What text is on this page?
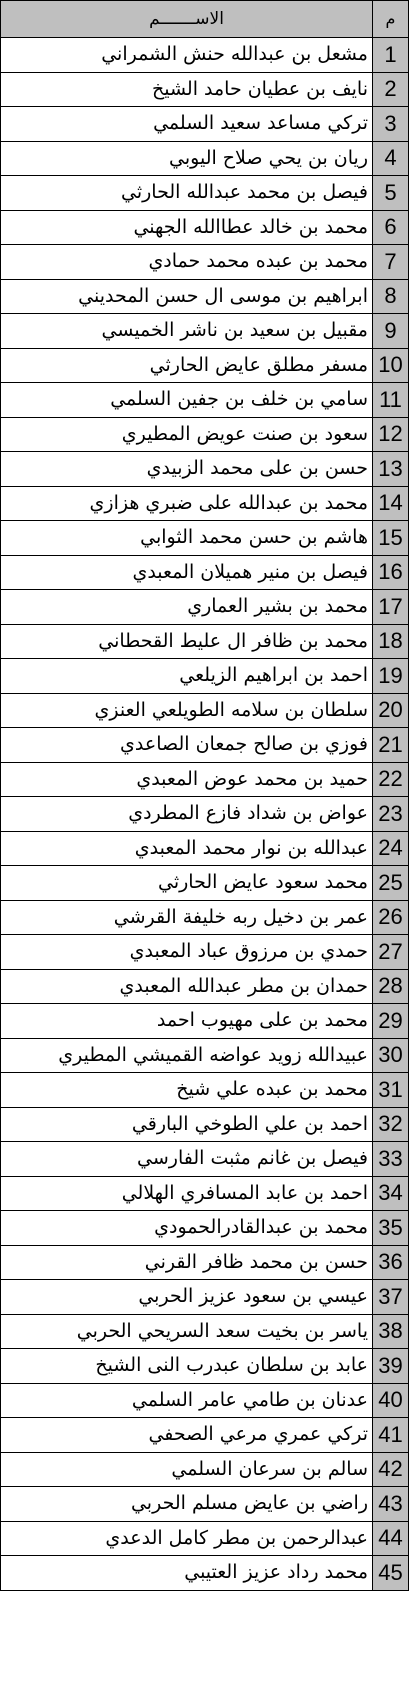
م	الاســـــــم
1	مشعل بن عبدالله حنش الشمراني
2	نايف بن عطيان حامد الشيخ
3	تركي مساعد سعيد السلمي
4	ريان بن يحي صلاح اليوبي
5	فيصل بن محمد عبدالله الحارثي
6	محمد بن خالد عطاالله الجهني
7	محمد بن عبده محمد حمادي
8	ابراهيم بن موسى ال حسن المحديني
9	مقبيل بن سعيد بن ناشر الخميسي
10	مسفر مطلق عايض الحارثي
11	سامي بن خلف بن جفين السلمي
12	سعود بن صنت عويض المطيري
13	حسن بن على محمد الزبيدي
14	محمد بن عبدالله على ضبري هزازي
15	هاشم بن حسن محمد الثوابي
16	فيصل بن منير هميلان المعبدي
17	محمد بن بشير العماري
18	محمد بن ظافر ال عليط القحطاني
19	احمد بن ابراهيم الزيلعي
20	سلطان بن سلامه الطويلعي العنزي
21	فوزي بن صالح جمعان الصاعدي
22	حميد بن محمد عوض المعبدي
23	عواض بن شداد فازع المطردي
24	عبدالله بن نوار محمد المعبدي
25	محمد سعود عايض الحارثي
26	عمر بن دخيل ربه خليفة القرشي
27	حمدي بن مرزوق عباد المعبدي
28	حمدان بن مطر عبدالله المعبدي
29	محمد بن على مهيوب احمد
30	عبيدالله زويد عواضه القميشي المطيري
31	محمد بن عبده علي شيخ
32	احمد بن علي الطوخي البارقي
33	فيصل بن غانم مثبت الفارسي
34	احمد بن عابد المسافري الهلالي
35	محمد بن عبدالقادرالحمودي
36	حسن بن محمد ظافر القرني
37	عيسي بن سعود عزيز الحربي
38	ياسر بن بخيت سعد السريحي الحربي
39	عابد بن سلطان عبدرب النى الشيخ
40	عدنان بن طامي عامر السلمي
41	تركي عمري مرعي الصحفي
42	سالم بن سرعان السلمي
43	راضي بن عايض مسلم الحربي
44	عبدالرحمن بن مطر كامل الدعدي
45	محمد رداد عزيز العتيبي
